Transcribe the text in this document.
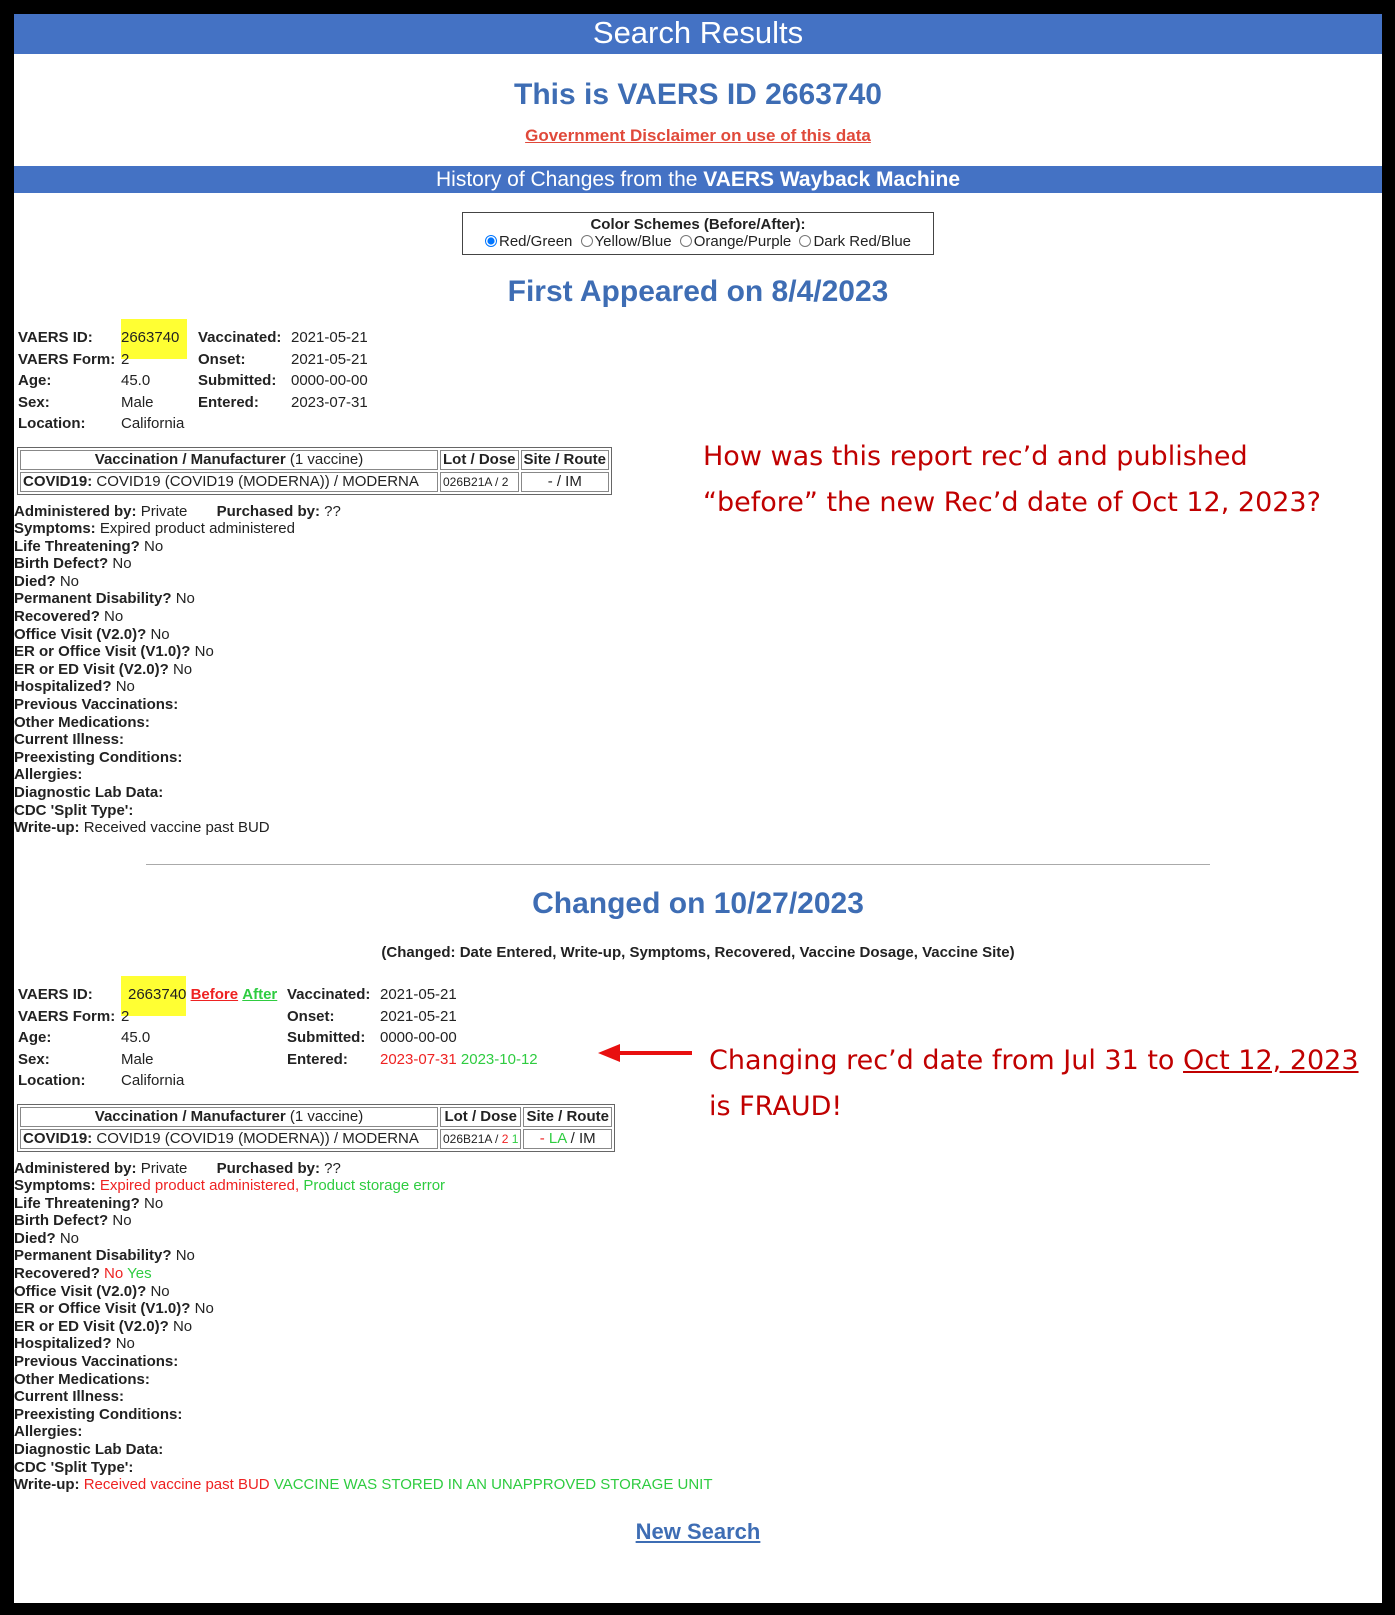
Search Results
This is VAERS ID 2663740
Government Disclaimer on use of this data
History of Changes from the VAERS Wayback Machine
Color Schemes (Before/After):
Red/Green Yellow/Blue Orange/Purple Dark Red/Blue
First Appeared on 8/4/2023
VAERS ID:	2663740	Vaccinated:	2021-05-21
VAERS Form:	2	Onset:	2021-05-21
Age:	45.0	Submitted:	0000-00-00
Sex:	Male	Entered:	2023-07-31
Location:	California		
Vaccination / Manufacturer (1 vaccine)	Lot / Dose	Site / Route
COVID19: COVID19 (COVID19 (MODERNA)) / MODERNA	026B21A / 2	- / IM
Administered by: Private Purchased by: ??
Symptoms: Expired product administered
Life Threatening? No
Birth Defect? No
Died? No
Permanent Disability? No
Recovered? No
Office Visit (V2.0)? No
ER or Office Visit (V1.0)? No
ER or ED Visit (V2.0)? No
Hospitalized? No
Previous Vaccinations:
Other Medications:
Current Illness:
Preexisting Conditions:
Allergies:
Diagnostic Lab Data:
CDC 'Split Type':
Write-up: Received vaccine past BUD
Changed on 10/27/2023
(Changed: Date Entered, Write-up, Symptoms, Recovered, Vaccine Dosage, Vaccine Site)
VAERS ID:	2663740 Before After	Vaccinated:	2021-05-21
VAERS Form:	2	Onset:	2021-05-21
Age:	45.0	Submitted:	0000-00-00
Sex:	Male	Entered:	2023-07-31 2023-10-12
Location:	California		
Vaccination / Manufacturer (1 vaccine)	Lot / Dose	Site / Route
COVID19: COVID19 (COVID19 (MODERNA)) / MODERNA	026B21A / 2 1	- LA / IM
Administered by: Private Purchased by: ??
Symptoms: Expired product administered, Product storage error
Life Threatening? No
Birth Defect? No
Died? No
Permanent Disability? No
Recovered? No Yes
Office Visit (V2.0)? No
ER or Office Visit (V1.0)? No
ER or ED Visit (V2.0)? No
Hospitalized? No
Previous Vaccinations:
Other Medications:
Current Illness:
Preexisting Conditions:
Allergies:
Diagnostic Lab Data:
CDC 'Split Type':
Write-up: Received vaccine past BUD VACCINE WAS STORED IN AN UNAPPROVED STORAGE UNIT
New Search
How was this report rec’d and published
“before” the new Rec’d date of Oct 12, 2023?
Changing rec’d date from Jul 31 to Oct 12, 2023
is FRAUD!
